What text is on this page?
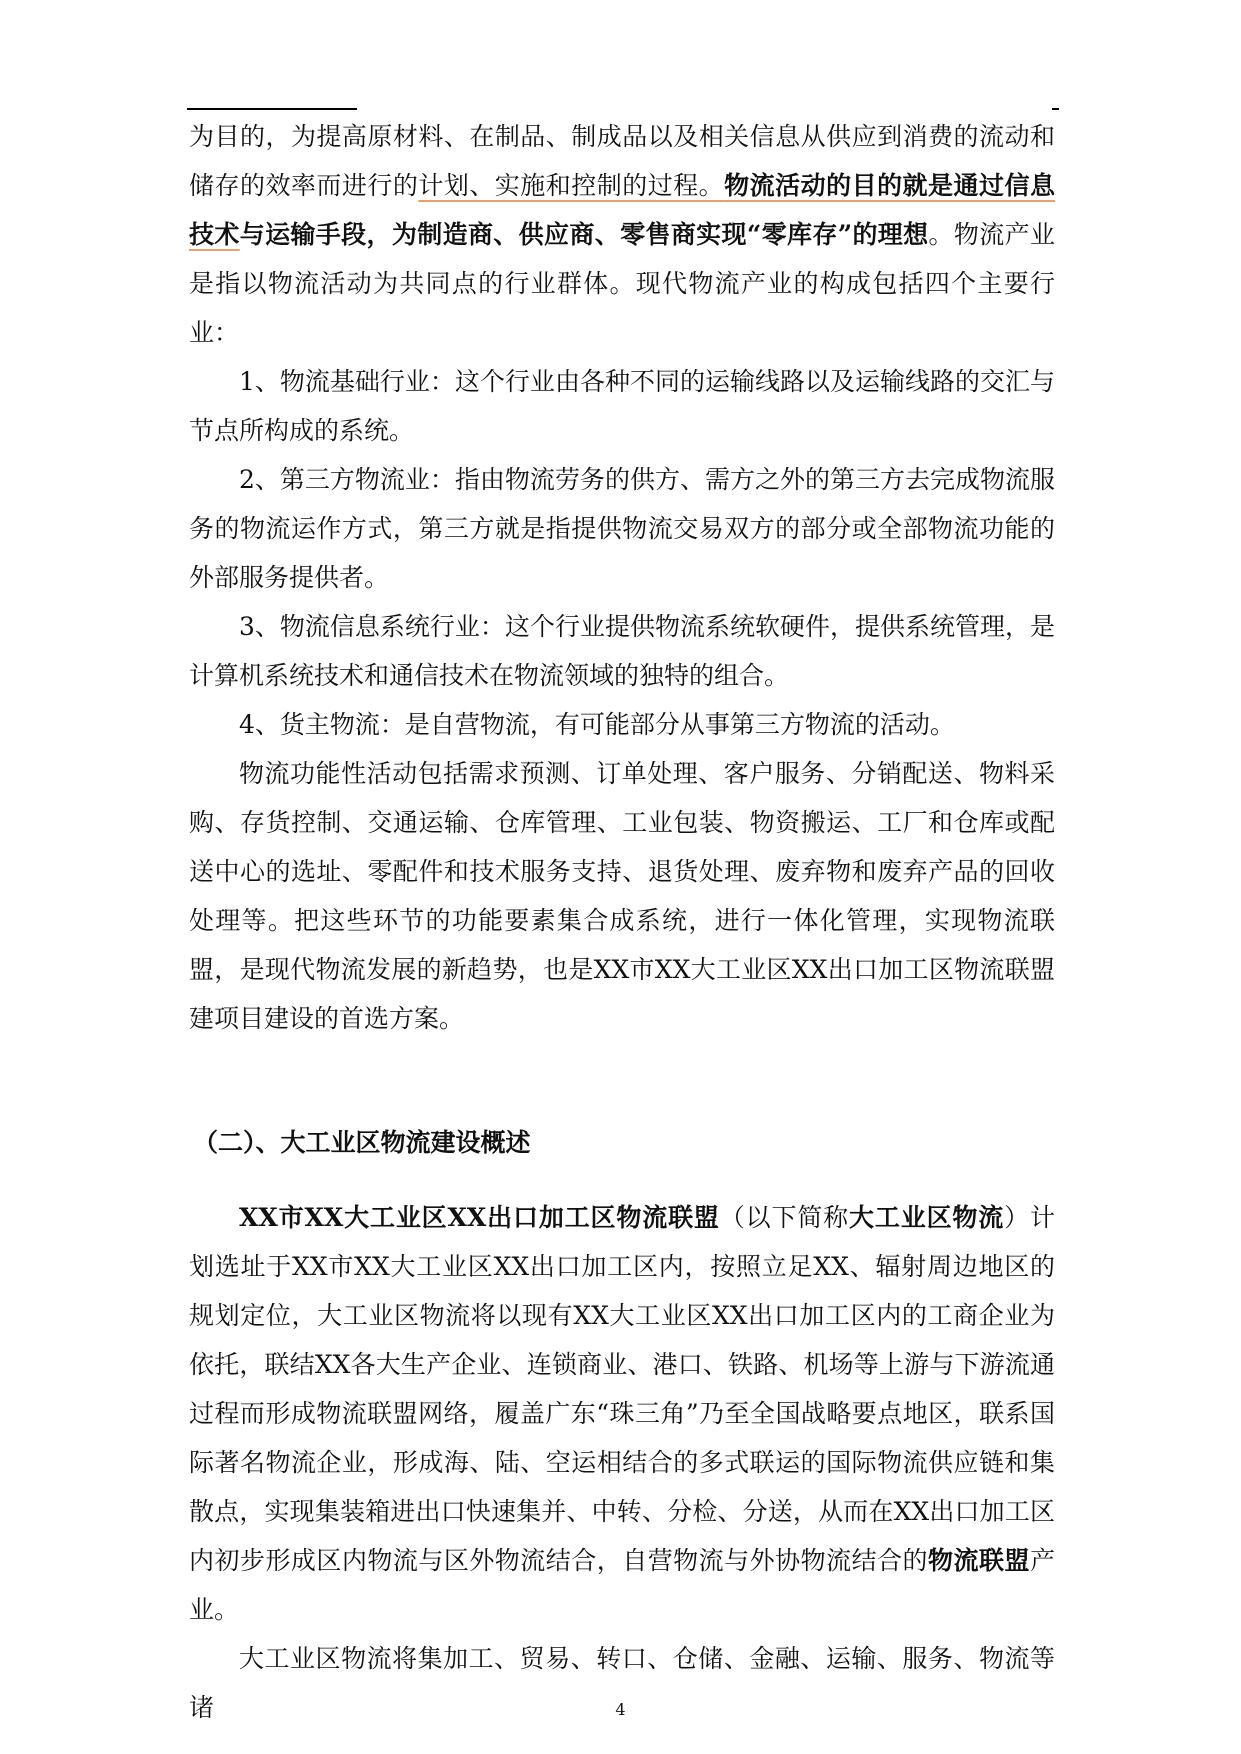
为目的，为提高原材料、在制品、制成品以及相关信息从供应到消费的流动和储存的效率而进行的计划、实施和控制的过程。物流活动的目的就是通过信息技术与运输手段，为制造商、供应商、零售商实现“零库存”的理想。物流产业是指以物流活动为共同点的行业群体。现代物流产业的构成包括四个主要行业：

1、物流基础行业：这个行业由各种不同的运输线路以及运输线路的交汇与节点所构成的系统。

2、第三方物流业：指由物流劳务的供方、需方之外的第三方去完成物流服务的物流运作方式，第三方就是指提供物流交易双方的部分或全部物流功能的外部服务提供者。

3、物流信息系统行业：这个行业提供物流系统软硬件，提供系统管理，是计算机系统技术和通信技术在物流领域的独特的组合。

4、货主物流：是自营物流，有可能部分从事第三方物流的活动。

物流功能性活动包括需求预测、订单处理、客户服务、分销配送、物料采购、存货控制、交通运输、仓库管理、工业包装、物资搬运、工厂和仓库或配送中心的选址、零配件和技术服务支持、退货处理、废弃物和废弃产品的回收处理等。把这些环节的功能要素集合成系统，进行一体化管理，实现物流联盟，是现代物流发展的新趋势，也是XX市XX大工业区XX出口加工区物流联盟建项目建设的首选方案。

（二）、大工业区物流建设概述

XX市XX大工业区XX出口加工区物流联盟（以下简称大工业区物流）计划选址于XX市XX大工业区XX出口加工区内，按照立足XX、辐射周边地区的规划定位，大工业区物流将以现有XX大工业区XX出口加工区内的工商企业为依托，联结XX各大生产企业、连锁商业、港口、铁路、机场等上游与下游流通过程而形成物流联盟网络，履盖广东“珠三角”乃至全国战略要点地区，联系国际著名物流企业，形成海、陆、空运相结合的多式联运的国际物流供应链和集散点，实现集装箱进出口快速集并、中转、分检、分送，从而在XX出口加工区内初步形成区内物流与区外物流结合，自营物流与外协物流结合的物流联盟产业。

大工业区物流将集加工、贸易、转口、仓储、金融、运输、服务、物流等诸	4
